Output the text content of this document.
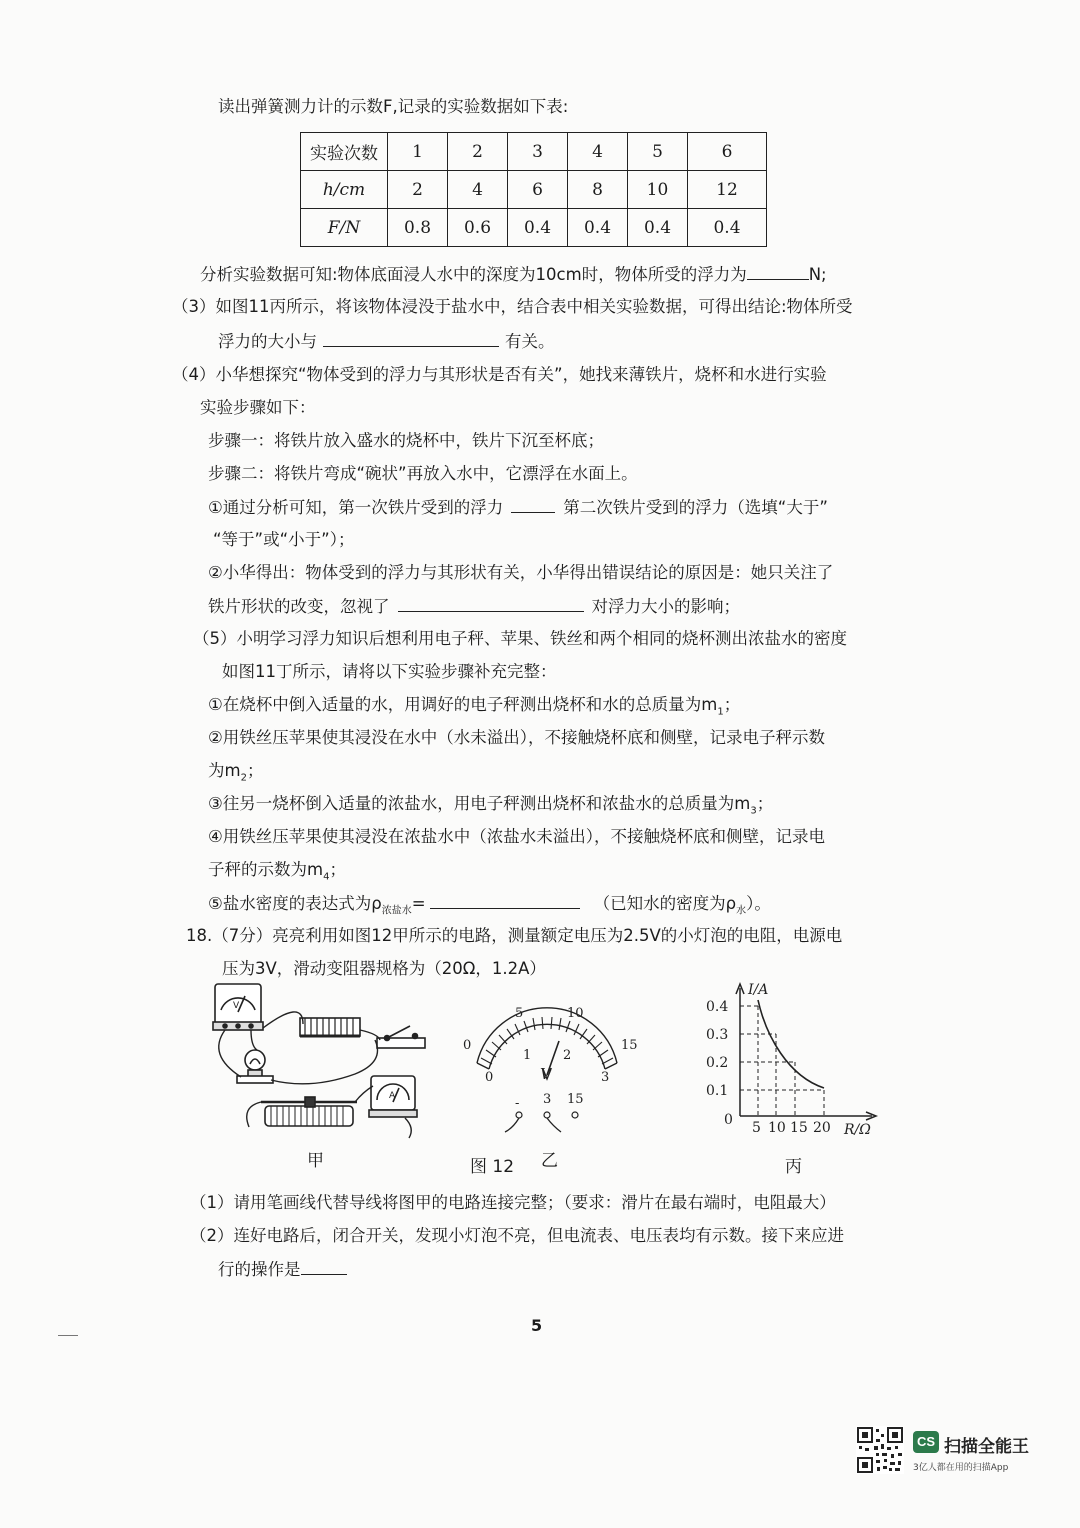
读出弹簧测力计的示数F,记录的实验数据如下表:
实验次数	1	2	3	4	5	6
h/cm	2	4	6	8	10	12
F/N	0.8	0.6	0.4	0.4	0.4	0.4
分析实验数据可知:物体底面浸人水中的深度为10cm时，物体所受的浮力为	N;
（3）如图11丙所示，将该物体浸没于盐水中，结合表中相关实验数据，可得出结论:物体所受
浮力的大小与	有关。
（4）小华想探究“物体受到的浮力与其形状是否有关”，她找来薄铁片，烧杯和水进行实验
实验步骤如下：
步骤一：将铁片放入盛水的烧杯中，铁片下沉至杯底；
步骤二：将铁片弯成“碗状”再放入水中，它漂浮在水面上。
①通过分析可知，第一次铁片受到的浮力	第二次铁片受到的浮力（选填“大于”
“等于”或“小于”）；
②小华得出：物体受到的浮力与其形状有关，小华得出错误结论的原因是：她只关注了
铁片形状的改变，忽视了	对浮力大小的影响；
（5）小明学习浮力知识后想利用电子秤、苹果、铁丝和两个相同的烧杯测出浓盐水的密度
如图11丁所示，请将以下实验步骤补充完整：
①在烧杯中倒入适量的水，用调好的电子秤测出烧杯和水的总质量为$m_1$；
②用铁丝压苹果使其浸没在水中（水未溢出），不接触烧杯底和侧壁，记录电子秤示数
为$m_2$；
③往另一烧杯倒入适量的浓盐水，用电子秤测出烧杯和浓盐水的总质量为$m_3$；
④用铁丝压苹果使其浸没在浓盐水中（浓盐水未溢出），不接触烧杯底和侧壁，记录电
子秤的示数为$m_4$；
⑤盐水密度的表达式为$\rho_{浓盐水}=$	（已知水的密度为$\rho_水$）。
18.（7分）亮亮利用如图12甲所示的电路，测量额定电压为2.5V的小灯泡的电阻，电源电
压为3V，滑动变阻器规格为（20Ω，1.2A）
V
A
甲
0
5	10
15
0
1 2
3
V
- 3 15
图 12 乙
I/A
0.4
0.3
0.2
0.1
0 5 10 15 20 R/Ω
丙
（1）请用笔画线代替导线将图甲的电路连接完整；（要求：滑片在最右端时，电阻最大）
（2）连好电路后，闭合开关，发现小灯泡不亮，但电流表、电压表均有示数。接下来应进
行的操作是
5
CS 扫描全能王
3亿人都在用的扫描App
